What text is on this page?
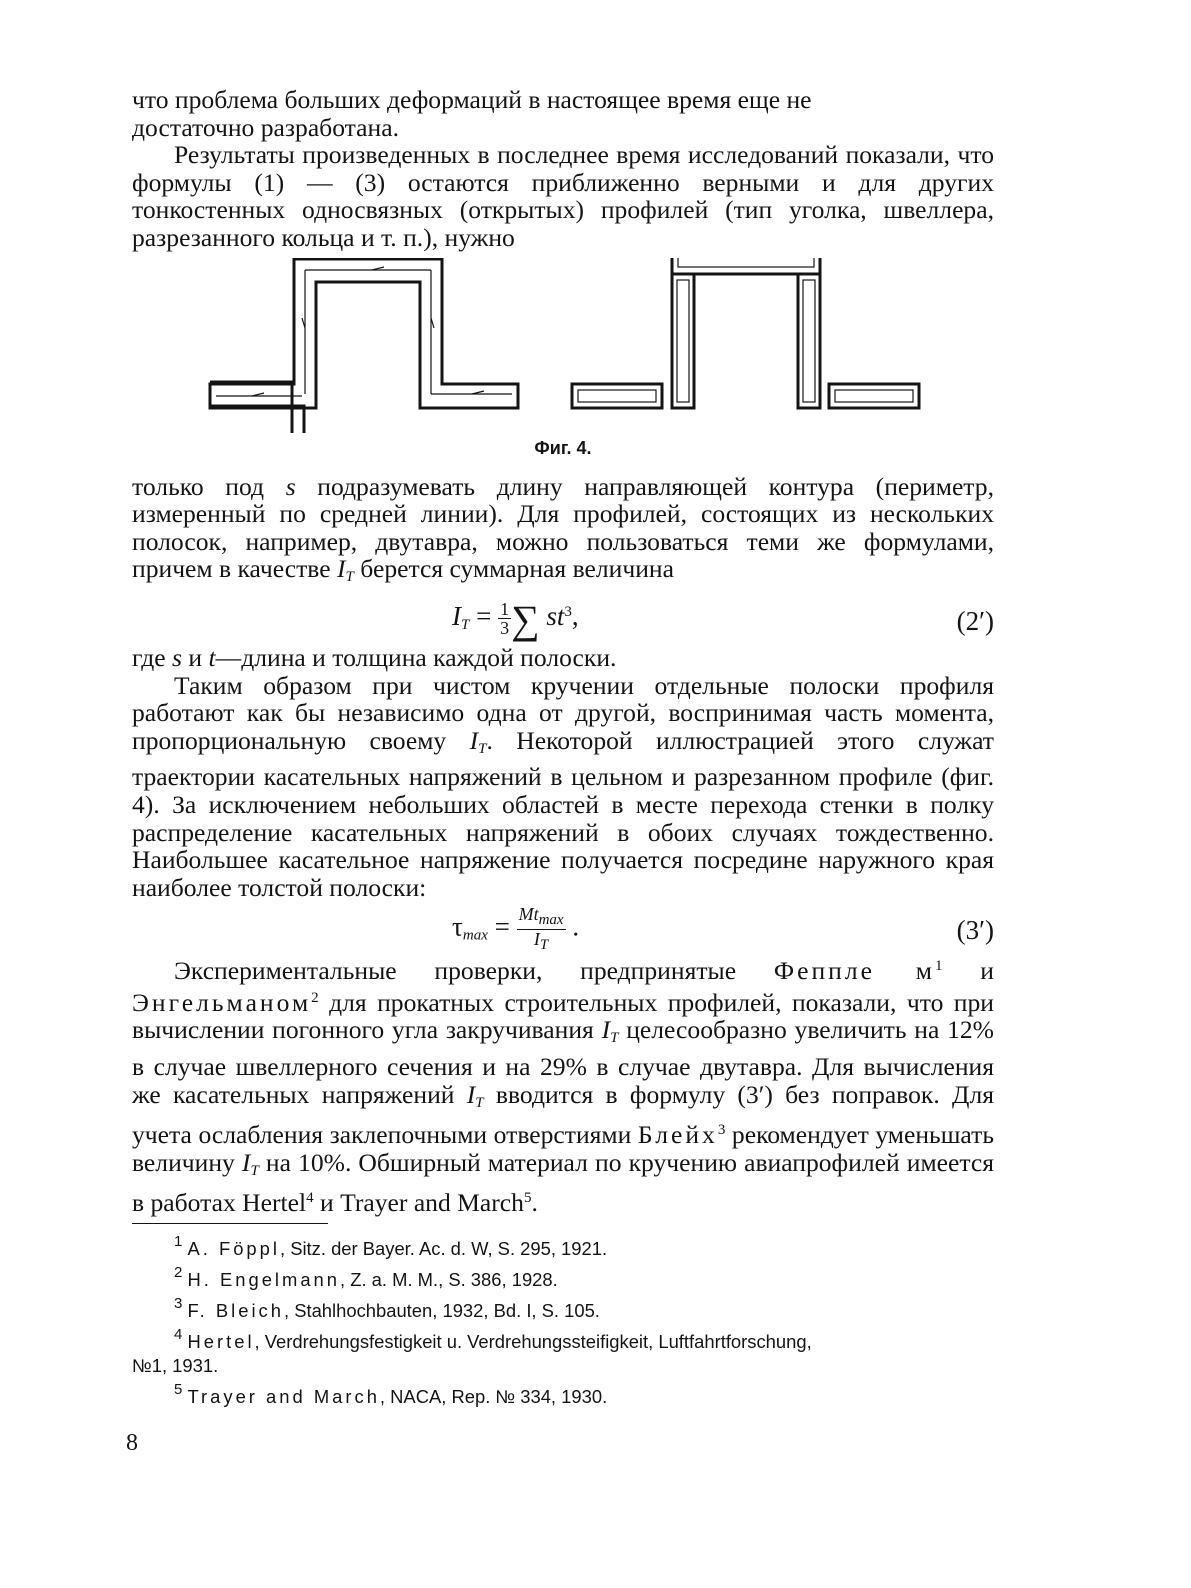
что проблема больших деформаций в настоящее время еще не
достаточно разработана.

Результаты произведенных в последнее время исследований показали, что формулы (1) — (3) остаются приближенно верными и для других тонкостенных односвязных (открытых) профилей (тип уголка, швеллера, разрезанного кольца и т. п.), нужно

Фиг. 4.

только под s подразумевать длину направляющей контура (периметр, измеренный по средней линии). Для профилей, состоящих из нескольких полосок, например, двутавра, можно пользоваться теми же формулами, причем в качестве $I_T$ берется суммарная величина

$I_T = \frac{1}{3}$ ∑ $st^3$,	(2′)

где s и t—длина и толщина каждой полоски.

Таким образом при чистом кручении отдельные полоски профиля работают как бы независимо одна от другой, воспринимая часть момента, пропорциональную своему $I_T$. Некоторой иллюстрацией этого служат траектории касательных напряжений в цельном и разрезанном профиле (фиг. 4). За исключением небольших областей в месте перехода стенки в полку распределение касательных напряжений в обоих случаях тождественно. Наибольшее касательное напряжение получается посредине наружного края наиболее толстой полоски:

$\tau_{max} = \frac{Mt_{max}}{I_T}$ .	(3′)

Экспериментальные проверки, предпринятые Феппле $м^1$ и Энгельманом$^2$ для прокатных строительных профилей, показали, что при вычислении погонного угла закручивания $I_T$ целесообразно увеличить на 12% в случае швеллерного сечения и на 29% в случае двутавра. Для вычисления же касательных напряжений $I_T$ вводится в формулу (3′) без поправок. Для учета ослабления заклепочными отверстиями Блейх$^3$ рекомендует уменьшать величину $I_T$ на 10%. Обширный материал по кручению авиапрофилей имеется в работах Hertel$^4$ и Trayer and March$^5$.

$^1$ A. Föppl, Sitz. der Bayer. Ac. d. W, S. 295, 1921.

$^2$ H. Engelmann, Z. a. M. M., S. 386, 1928.

$^3$ F. Bleich, Stahlhochbauten, 1932, Bd. I, S. 105.

$^4$ Hertel, Verdrehungsfestigkeit u. Verdrehungssteifigkeit, Luftfahrtforschung,

№1, 1931.

$^5$ Trayer and March, NACA, Rep. № 334, 1930.

8
